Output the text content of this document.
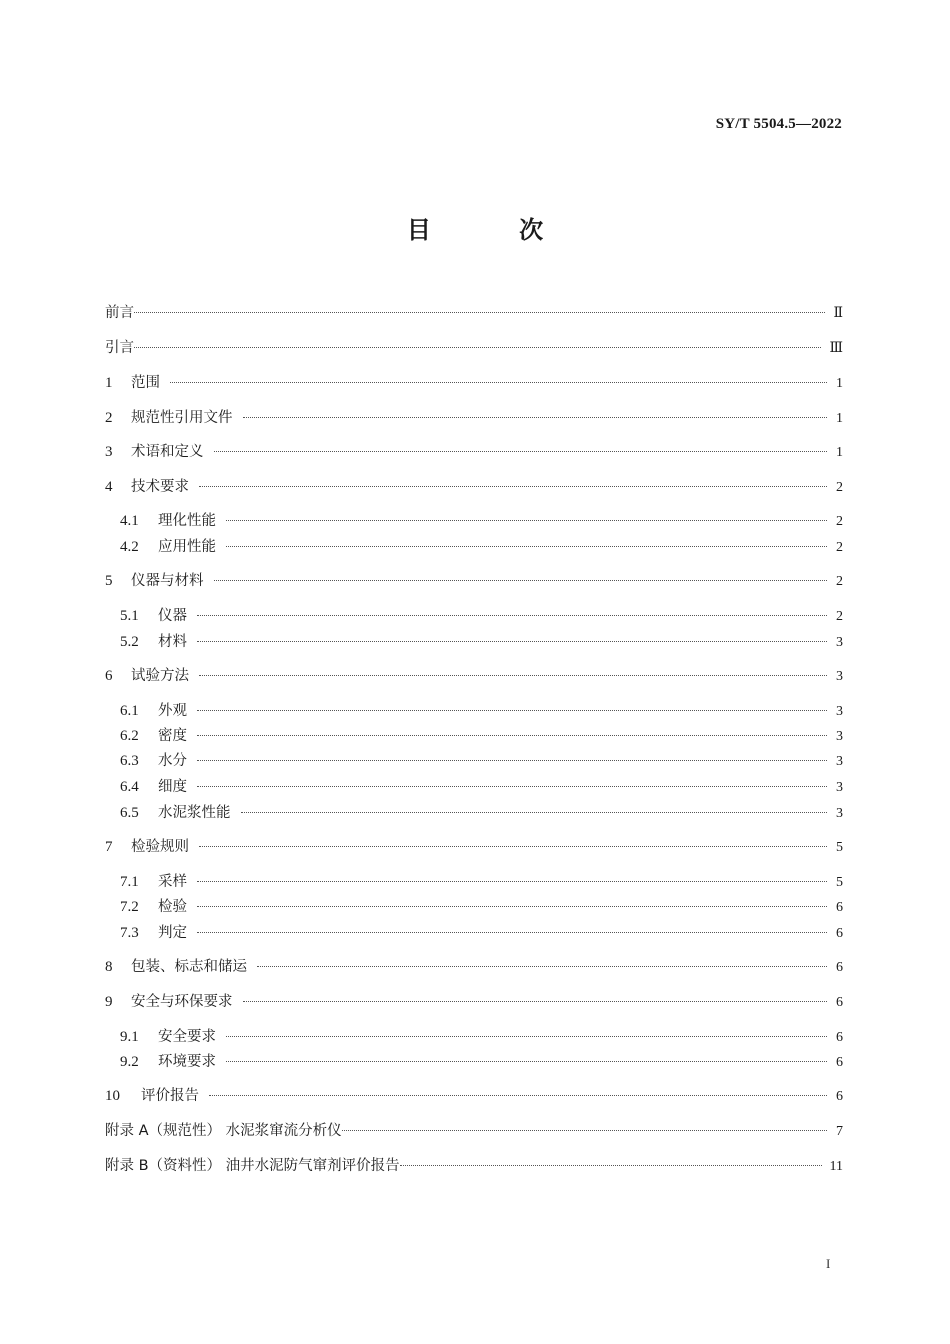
SY/T 5504.5—2022
目 次
前言	Ⅱ
引言	Ⅲ
1	范围	1
2	规范性引用文件	1
3	术语和定义	1
4	技术要求	2
4.1	理化性能	2
4.2	应用性能	2
5	仪器与材料	2
5.1	仪器	2
5.2	材料	3
6	试验方法	3
6.1	外观	3
6.2	密度	3
6.3	水分	3
6.4	细度	3
6.5	水泥浆性能	3
7	检验规则	5
7.1	采样	5
7.2	检验	6
7.3	判定	6
8	包装、标志和储运	6
9	安全与环保要求	6
9.1	安全要求	6
9.2	环境要求	6
10	评价报告	6
附录 A（规范性） 水泥浆窜流分析仪	7
附录 B（资料性） 油井水泥防气窜剂评价报告	11
I
